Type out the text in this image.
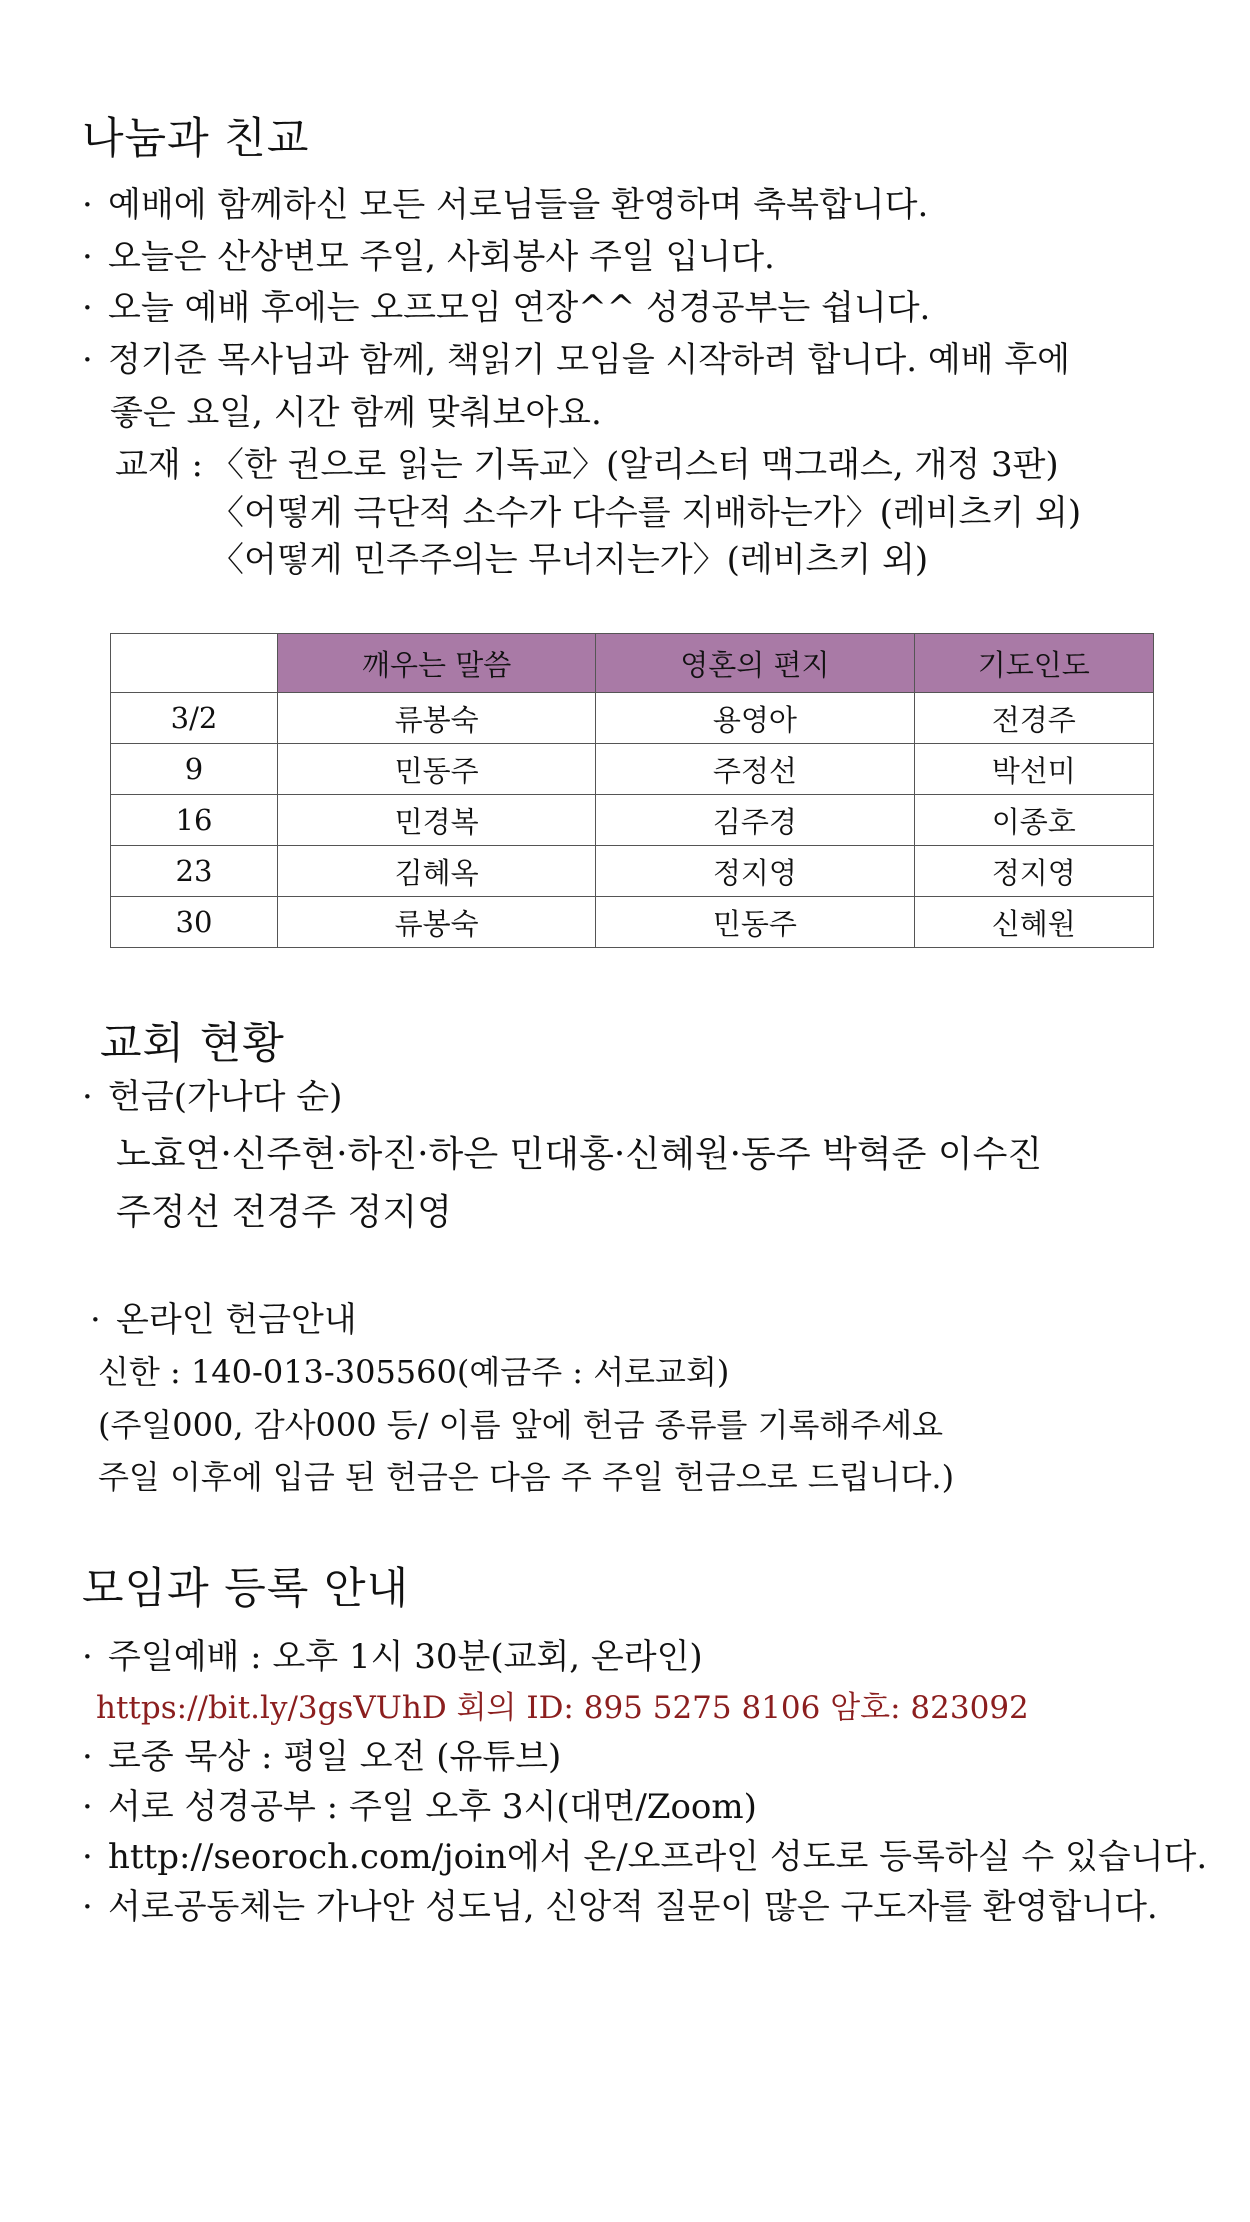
나눔과 친교
· 예배에 함께하신 모든 서로님들을 환영하며 축복합니다.
· 오늘은 산상변모 주일, 사회봉사 주일 입니다.
· 오늘 예배 후에는 오프모임 연장^^ 성경공부는 쉽니다.
· 정기준 목사님과 함께, 책읽기 모임을 시작하려 합니다. 예배 후에
좋은 요일, 시간 함께 맞춰보아요.
교재 : 〈한 권으로 읽는 기독교〉(알리스터 맥그래스, 개정 3판)
〈어떻게 극단적 소수가 다수를 지배하는가〉(레비츠키 외)
〈어떻게 민주주의는 무너지는가〉(레비츠키 외)
	깨우는 말씀	영혼의 편지	기도인도
3/2	류봉숙	용영아	전경주
9	민동주	주정선	박선미
16	민경복	김주경	이종호
23	김혜옥	정지영	정지영
30	류봉숙	민동주	신혜원
교회 현황
· 헌금(가나다 순)
노효연·신주현·하진·하은 민대홍·신혜원·동주 박혁준 이수진
주정선 전경주 정지영
· 온라인 헌금안내
신한 : 140-013-305560(예금주 : 서로교회)
(주일000, 감사000 등/ 이름 앞에 헌금 종류를 기록해주세요
주일 이후에 입금 된 헌금은 다음 주 주일 헌금으로 드립니다.)
모임과 등록 안내
· 주일예배 : 오후 1시 30분(교회, 온라인)
https://bit.ly/3gsVUhD 회의 ID: 895 5275 8106 암호: 823092
· 로중 묵상 : 평일 오전 (유튜브)
· 서로 성경공부 : 주일 오후 3시(대면/Zoom)
· http://seoroch.com/join에서 온/오프라인 성도로 등록하실 수 있습니다.
· 서로공동체는 가나안 성도님, 신앙적 질문이 많은 구도자를 환영합니다.
